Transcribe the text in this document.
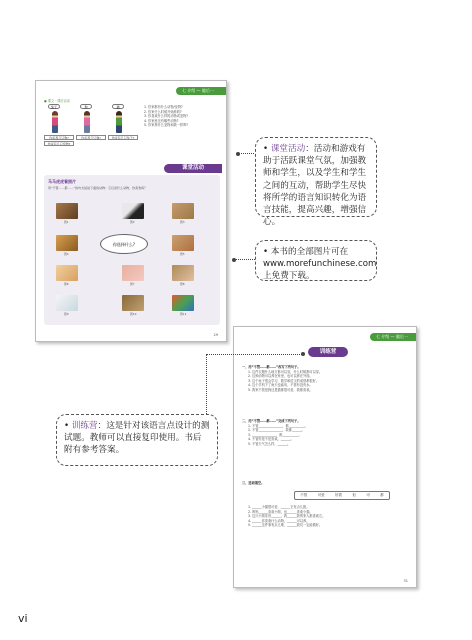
七 介绍 — 做后一
● 课文 · 课后活动
兔子	狗	猫
你家养几只狗?	你家养几只猫?	你家有几只兔子?
你家有几只宠物?
1. 你家都有什么动物/宠物?
2. 你家什么时候开始养的?
3. 你喜欢什么样的动物或宠物?
4. 你家里还有哪些动物?
5. 你家养什么宠物和我一样吗?
课堂活动
马马虎虎看照片
用“不管……都……”的句式说说下面的动物：它们是什么动物，你喜欢吗？
图1	图2	图3
你选择什么?
图4	图5
图6	图7	图8
图9	图10	图11
29	七 介绍 — 做后一
训练营
一、用“不管……都……”改写下列句子。
1. 这件衣服什么地方都可以穿，什么时候都可以穿。
2. 这种动物可以养在家里，也可以养在外面。
3. 这个孩子很会学习，数学和语文的成绩都很好。
4. 这个手机下了雨天也能用，不管有没有水。
5. 我家不管是狗还是猫都很可爱，我都喜欢。
二、用“不管……都……”完成下列句子。
1. 不管_______________，都__________。
2. 不管_______________，我都______。
3. _______________，都__________。
4. 不管你是不是喜欢，______。
5. 不管天气怎么样，______。
三、选词填空。
不管	可爱	好看	但	可	都
1. ______小猫很可爱，______它有点儿脏。
2. 妈妈______喜欢小狗，也______喜欢小猫。
3. 这只小狗非常______，我______我的家人都喜欢它。
4. ______你喜欢什么动物，______可以养。
5. ______这件事有点儿难，______我们一定能做好。
31
• 课堂活动：活动和游戏有助于活跃课堂气氛，加强教师和学生，以及学生和学生之间的互动，帮助学生尽快将所学的语言知识转化为语言技能，提高兴趣，增强信心。
• 本书的全部图片可在www.morefunchinese.com上免费下载。
• 训练营：这是针对该语言点设计的测试题。教师可以直接复印使用。书后附有参考答案。
vi
